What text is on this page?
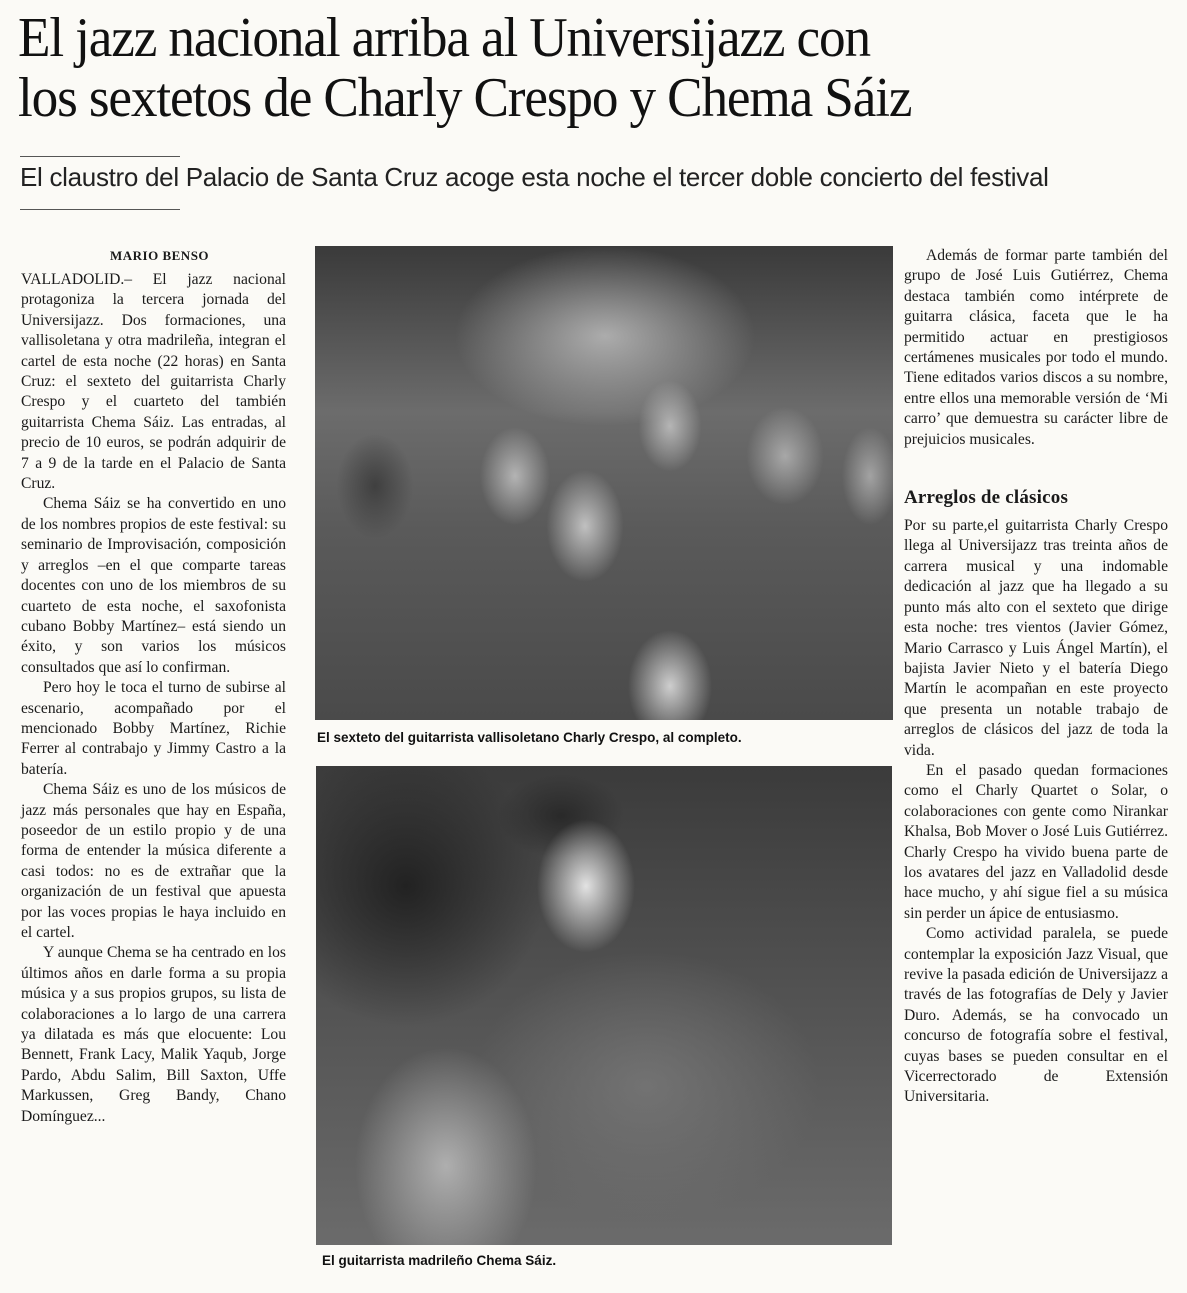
El jazz nacional arriba al Universijazz con
los sextetos de Charly Crespo y Chema Sáiz
El claustro del Palacio de Santa Cruz acoge esta noche el tercer doble concierto del festival
MARIO BENSO

VALLADOLID.– El jazz nacional protagoniza la tercera jornada del Universijazz. Dos formaciones, una vallisoletana y otra madrileña, integran el cartel de esta noche (22 horas) en Santa Cruz: el sexteto del guitarrista Charly Crespo y el cuarteto del también guitarrista Chema Sáiz. Las entradas, al precio de 10 euros, se podrán adquirir de 7 a 9 de la tarde en el Palacio de Santa Cruz.

Chema Sáiz se ha convertido en uno de los nombres propios de este festival: su seminario de Improvisación, composición y arreglos –en el que comparte tareas docentes con uno de los miembros de su cuarteto de esta noche, el saxofonista cubano Bobby Martínez– está siendo un éxito, y son varios los músicos consultados que así lo confirman.

Pero hoy le toca el turno de subirse al escenario, acompañado por el mencionado Bobby Martínez, Richie Ferrer al contrabajo y Jimmy Castro a la batería.

Chema Sáiz es uno de los músicos de jazz más personales que hay en España, poseedor de un estilo propio y de una forma de entender la música diferente a casi todos: no es de extrañar que la organización de un festival que apuesta por las voces propias le haya incluido en el cartel.

Y aunque Chema se ha centrado en los últimos años en darle forma a su propia música y a sus propios grupos, su lista de colaboraciones a lo largo de una carrera ya dilatada es más que elocuente: Lou Bennett, Frank Lacy, Malik Yaqub, Jorge Pardo, Abdu Salim, Bill Saxton, Uffe Markussen, Greg Bandy, Chano Domínguez...

El sexteto del guitarrista vallisoletano Charly Crespo, al completo.
El guitarrista madrileño Chema Sáiz.

Además de formar parte también del grupo de José Luis Gutiérrez, Chema destaca también como intérprete de guitarra clásica, faceta que le ha permitido actuar en prestigiosos certámenes musicales por todo el mundo. Tiene editados varios discos a su nombre, entre ellos una memorable versión de ‘Mi carro’ que demuestra su carácter libre de prejuicios musicales.

Arreglos de clásicos

Por su parte,el guitarrista Charly Crespo llega al Universijazz tras treinta años de carrera musical y una indomable dedicación al jazz que ha llegado a su punto más alto con el sexteto que dirige esta noche: tres vientos (Javier Gómez, Mario Carrasco y Luis Ángel Martín), el bajista Javier Nieto y el batería Diego Martín le acompañan en este proyecto que presenta un notable trabajo de arreglos de clásicos del jazz de toda la vida.

En el pasado quedan formaciones como el Charly Quartet o Solar, o colaboraciones con gente como Nirankar Khalsa, Bob Mover o José Luis Gutiérrez. Charly Crespo ha vivido buena parte de los avatares del jazz en Valladolid desde hace mucho, y ahí sigue fiel a su música sin perder un ápice de entusiasmo.

Como actividad paralela, se puede contemplar la exposición Jazz Visual, que revive la pasada edición de Universijazz a través de las fotografías de Dely y Javier Duro. Además, se ha convocado un concurso de fotografía sobre el festival, cuyas bases se pueden consultar en el Vicerrectorado de Extensión Universitaria.
